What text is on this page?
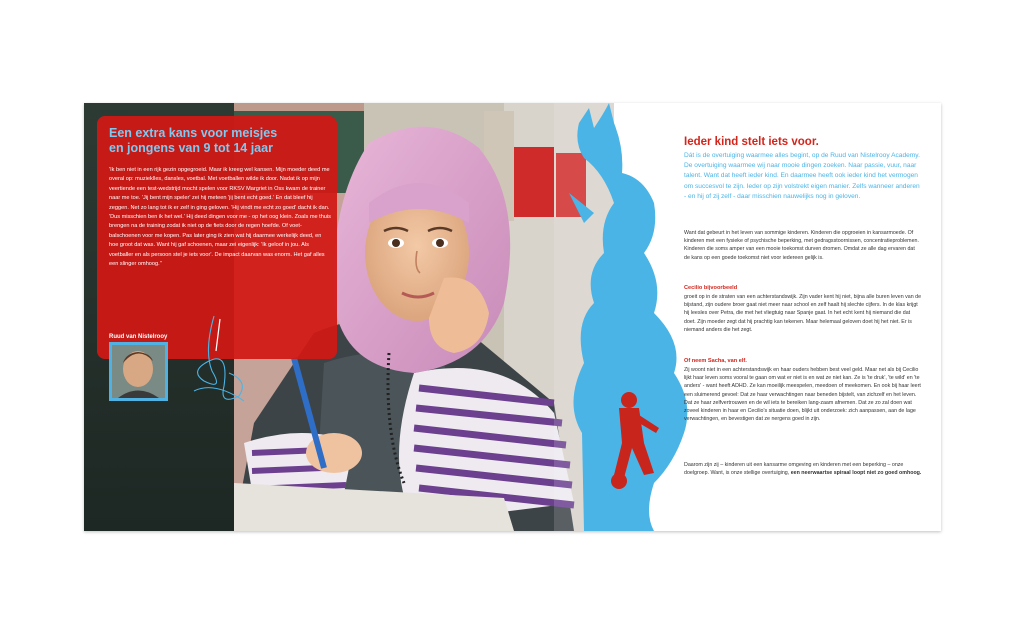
Een extra kans voor meisjes
en jongens van 9 tot 14 jaar
'Ik ben niet in een rijk gezin opgegroeid. Maar ik kreeg wel kansen. Mijn moeder deed me overal op: muzieklles, dansles, voetbal. Met voetballen wilde ik door. Nadat ik op mijn veertiende een test-wedstrijd mocht spelen voor RKSV Margriet in Oss kwam de trainer naar me toe. 'Jij bent mijn speler' zei hij meteen 'jij bent echt goed.' En dat bleef hij zeggen. Net zo lang tot ik er zelf in ging geloven. 'Hij vindt me echt zo goed' dacht ik dan. 'Dus misschien ben ik het wel.' Hij deed dingen voor me - op het oog klein. Zoals me thuis brengen na de training zodat ik niet op de fiets door de regen hoefde. Of voet-balschoenen voor me kopen. Pas later ging ik zien wat hij daarmee werkelijk deed, en hoe groot dat was. Want hij gaf schoenen, maar zei eigenlijk: 'Ik geloof in jou. Als voetballer en als persoon stel je iets voor'. De impact daarvan was enorm. Het gaf alles een slinger omhoog."
Ruud van Nistelrooy
Ieder kind stelt iets voor.
Dát is de overtuiging waarmee alles begint, op de Ruud van Nistelrooy Academy. De overtuiging waarmee wij naar mooie dingen zoeken. Naar passie, vuur, naar talent. Want dat heeft ieder kind. En daarmee heeft ook ieder kind het vermogen om succesvol te zijn. Ieder op zijn volstrekt eigen manier. Zelfs wanneer anderen - en hij of zij zelf - daar misschien nauwelijks nog in geloven.
Want dat gebeurt in het leven van sommige kinderen. Kinderen die opgroeien in kansarmoede. Of kinderen met een fysieke of psychische beperking, met gedragsstoornissen, concentratieproblemen. Kinderen die soms amper van een mooie toekomst durven dromen. Omdat ze alle dag ervaren dat de kans op een goede toekomst niet voor iedereen gelijk is.
Cecilio bijvoorbeeld
groeit op in de straten van een achterstandswijk. Zijn vader kent hij niet, bijna alle buren leven van de bijstand, zijn oudere broer gaat niet meer naar school en zelf haalt hij slechte cijfers. In de klas krijgt hij leesles over Petra, die met het vliegtuig naar Spanje gaat. In het echt kent hij niemand die dat doet. Zijn moeder zegt dat hij prachtig kan tekenen. Maar helemaal geloven doet hij het niet. Er is niemand anders die het zegt.
Of neem Sacha, van elf.
Zij woont niet in een achterstandswijk en haar ouders hebben best veel geld. Maar net als bij Cecilio lijkt haar leven soms vooral te gaan om wat er niet is en wat ze niet kan. Ze is 'te druk', 'te wild' en 'te anders' - want heeft ADHD. Ze kan moeilijk meespelen, meedoen of meekomen. En ook bij haar leert een sluimerend gevoel: Dat ze haar verwachtingen naar beneden bijstelt, van zichzelf en het leven. Dat ze haar zelfvertrouwen en de wil iets te bereiken lang-zaam afnemen. Dat ze zo zal doen wat zoveel kinderen in haar en Cecilio's situatie doen, blijkt uit onderzoek: zich aanpassen, aan de lage verwachtingen, en bevestigen dat ze nergens goed in zijn.
Daarom zijn zij – kinderen uit een kansarme omgeving en kinderen met een beperking – onze doelgroep. Want, is onze stellige overtuiging, een neerwaartse spiraal loopt niet zo goed omhoog.
